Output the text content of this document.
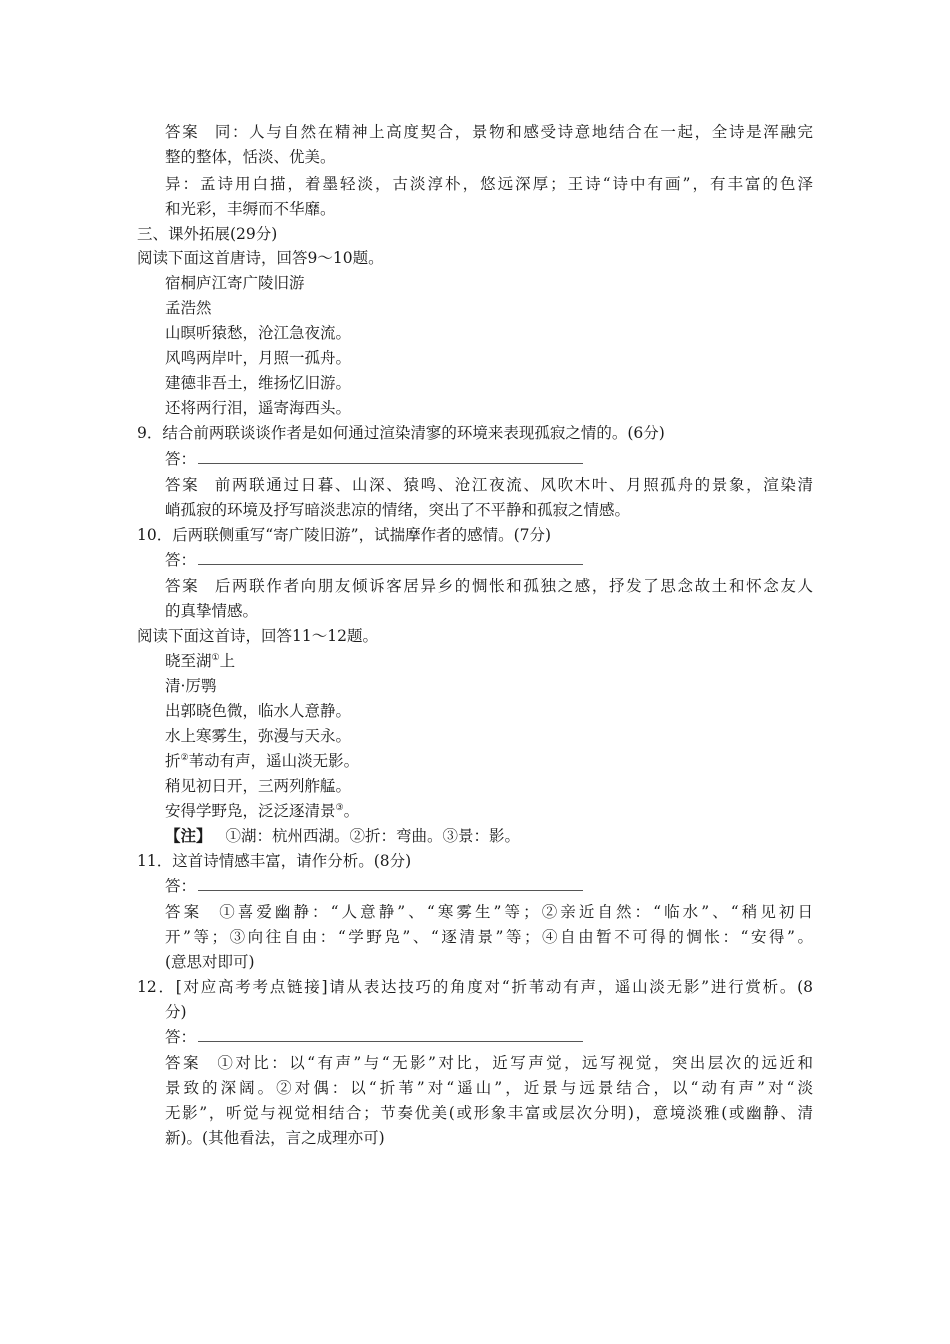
答案 同：人与自然在精神上高度契合，景物和感受诗意地结合在一起，全诗是浑融完
整的整体，恬淡、优美。
异：孟诗用白描，着墨轻淡，古淡淳朴，悠远深厚；王诗“诗中有画”，有丰富的色泽
和光彩，丰缛而不华靡。
三、课外拓展(29分)
阅读下面这首唐诗，回答9～10题。
宿桐庐江寄广陵旧游
孟浩然
山暝听猿愁，沧江急夜流。
风鸣两岸叶，月照一孤舟。
建德非吾土，维扬忆旧游。
还将两行泪，遥寄海西头。
9．结合前两联谈谈作者是如何通过渲染清寥的环境来表现孤寂之情的。(6分)
答：
答案 前两联通过日暮、山深、猿鸣、沧江夜流、风吹木叶、月照孤舟的景象，渲染清
峭孤寂的环境及抒写暗淡悲凉的情绪，突出了不平静和孤寂之情感。
10．后两联侧重写“寄广陵旧游”，试揣摩作者的感情。(7分)
答：
答案 后两联作者向朋友倾诉客居异乡的惆怅和孤独之感，抒发了思念故土和怀念友人
的真挚情感。
阅读下面这首诗，回答11～12题。
晓至湖①上
清·厉鹗
出郭晓色微，临水人意静。
水上寒雾生，弥漫与天永。
折②苇动有声，遥山淡无影。
稍见初日开，三两列舴艋。
安得学野凫，泛泛逐清景③。
【注】 ①湖：杭州西湖。②折：弯曲。③景：影。
11．这首诗情感丰富，请作分析。(8分)
答：
答案 ①喜爱幽静：“人意静”、“寒雾生”等；②亲近自然：“临水”、“稍见初日
开”等；③向往自由：“学野凫”、“逐清景”等；④自由暂不可得的惆怅：“安得”。
(意思对即可)
12．[对应高考考点链接]请从表达技巧的角度对“折苇动有声，遥山淡无影”进行赏析。(8
分)
答：
答案 ①对比：以“有声”与“无影”对比，近写声觉，远写视觉，突出层次的远近和
景致的深阔。②对偶：以“折苇”对“遥山”，近景与远景结合，以“动有声”对“淡
无影”，听觉与视觉相结合；节奏优美(或形象丰富或层次分明)，意境淡雅(或幽静、清
新)。(其他看法，言之成理亦可)
